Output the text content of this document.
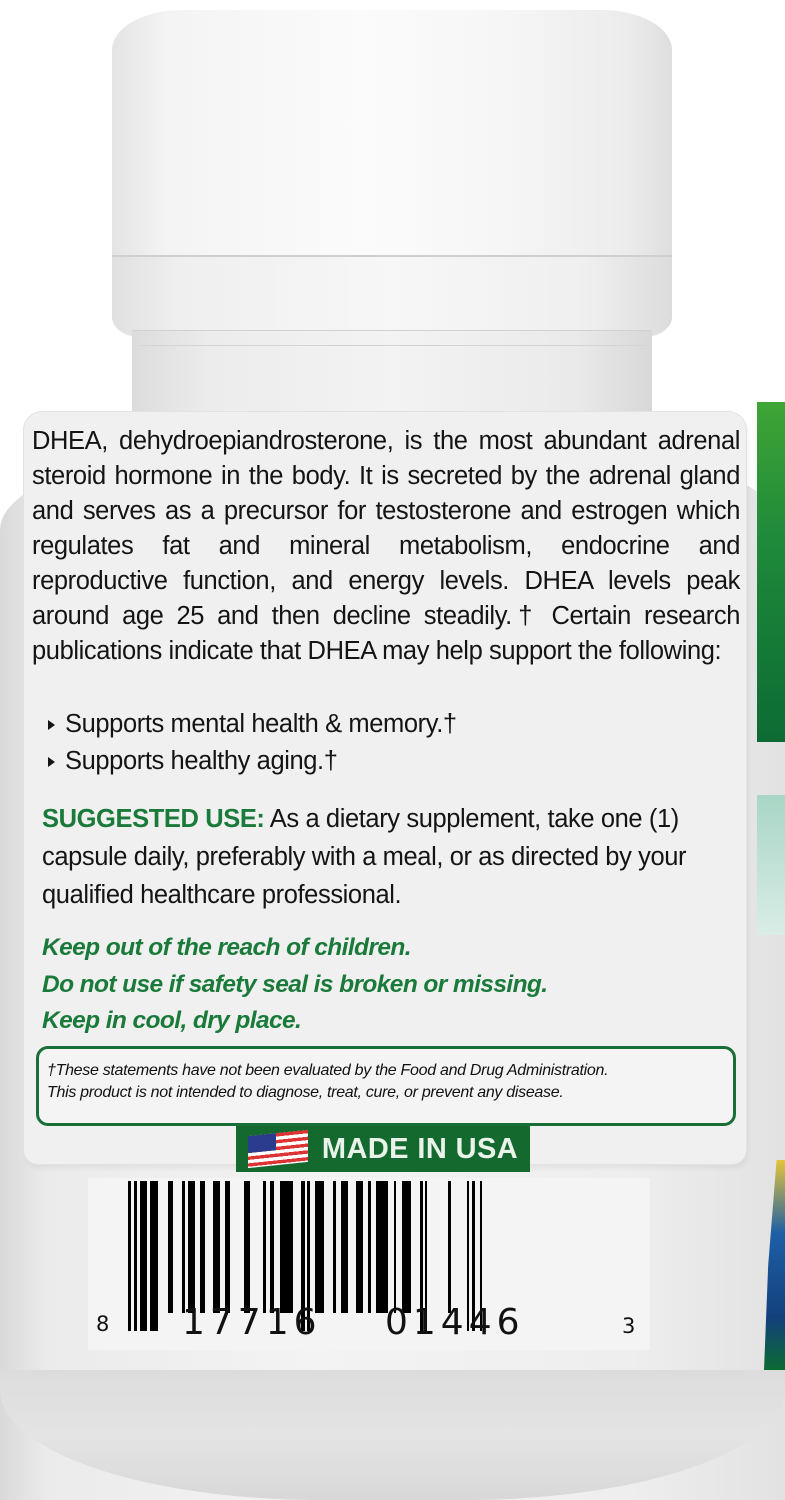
DHEA, dehydroepiandrosterone, is the most abundant adrenal steroid hormone in the body. It is secreted by the adrenal gland and serves as a precursor for testosterone and estrogen which regulates fat and mineral metabolism, endocrine and reproductive function, and energy levels. DHEA levels peak around age 25 and then decline steadily.† Certain research publications indicate that DHEA may help support the following:
Supports mental health & memory.†
Supports healthy aging.†
SUGGESTED USE: As a dietary supplement, take one (1) capsule daily, preferably with a meal, or as directed by your qualified healthcare professional.
Keep out of the reach of children.
Do not use if safety seal is broken or missing.
Keep in cool, dry place.
†These statements have not been evaluated by the Food and Drug Administration.
This product is not intended to diagnose, treat, cure, or prevent any disease.
MADE IN USA
8 17716 01446	3
